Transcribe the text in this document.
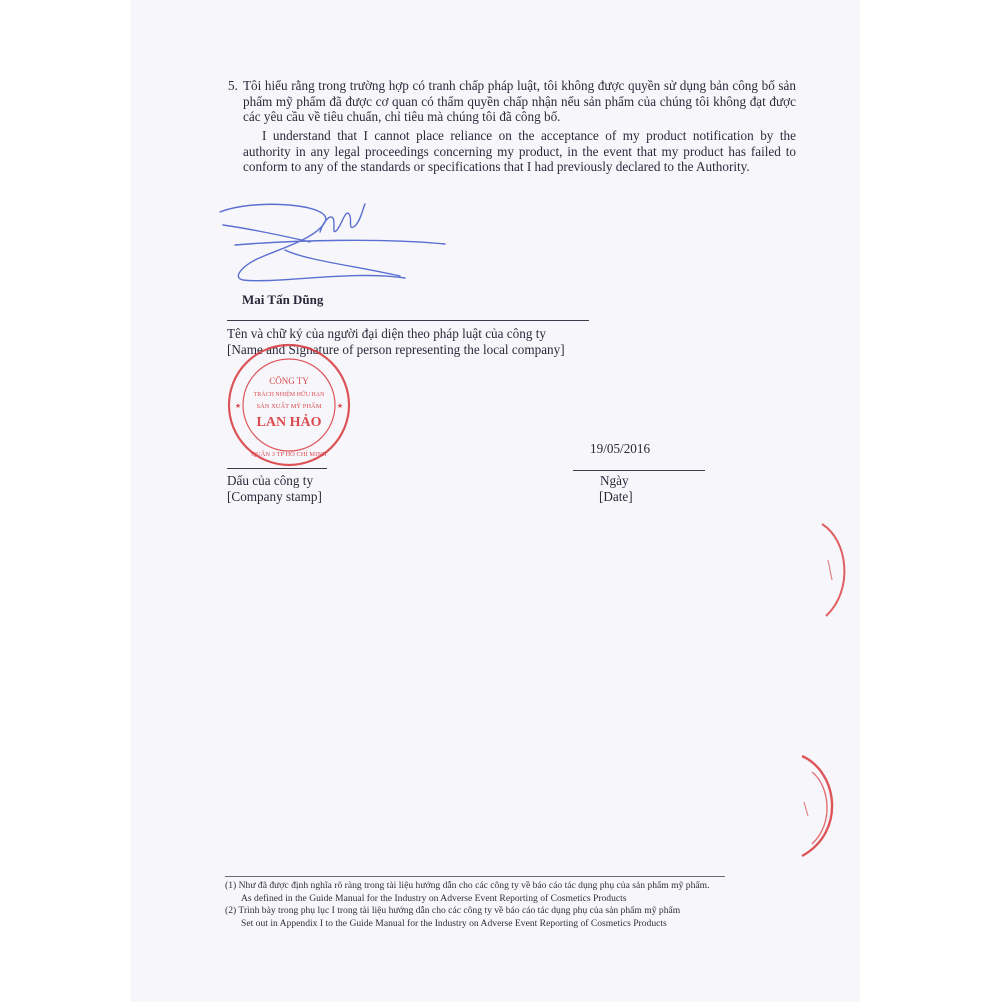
5. Tôi hiểu rằng trong trường hợp có tranh chấp pháp luật, tôi không được quyền sử dụng bản công bố sản phẩm mỹ phẩm đã được cơ quan có thẩm quyền chấp nhận nếu sản phẩm của chúng tôi không đạt được các yêu cầu về tiêu chuẩn, chỉ tiêu mà chúng tôi đã công bố.
I understand that I cannot place reliance on the acceptance of my product notification by the authority in any legal proceedings concerning my product, in the event that my product has failed to conform to any of the standards or specifications that I had previously declared to the Authority.
Mai Tấn Dũng
Tên và chữ ký của người đại diện theo pháp luật của công ty
[Name and Signature of person representing the local company]
CÔNG TY
TRÁCH NHIỆM HỮU HẠN
SẢN XUẤT MỸ PHẨM
LAN HẢO
QUẬN 3 TP HỒ CHÍ MINH
★	★
19/05/2016
Dấu của công ty
[Company stamp]
Ngày
[Date]
(1) Như đã được định nghĩa rõ ràng trong tài liệu hướng dẫn cho các công ty về báo cáo tác dụng phụ của sản phẩm mỹ phẩm.
As defined in the Guide Manual for the Industry on Adverse Event Reporting of Cosmetics Products
(2) Trình bày trong phụ lục I trong tài liệu hướng dẫn cho các công ty về báo cáo tác dụng phụ của sản phẩm mỹ phẩm
Set out in Appendix I to the Guide Manual for the Industry on Adverse Event Reporting of Cosmetics Products
